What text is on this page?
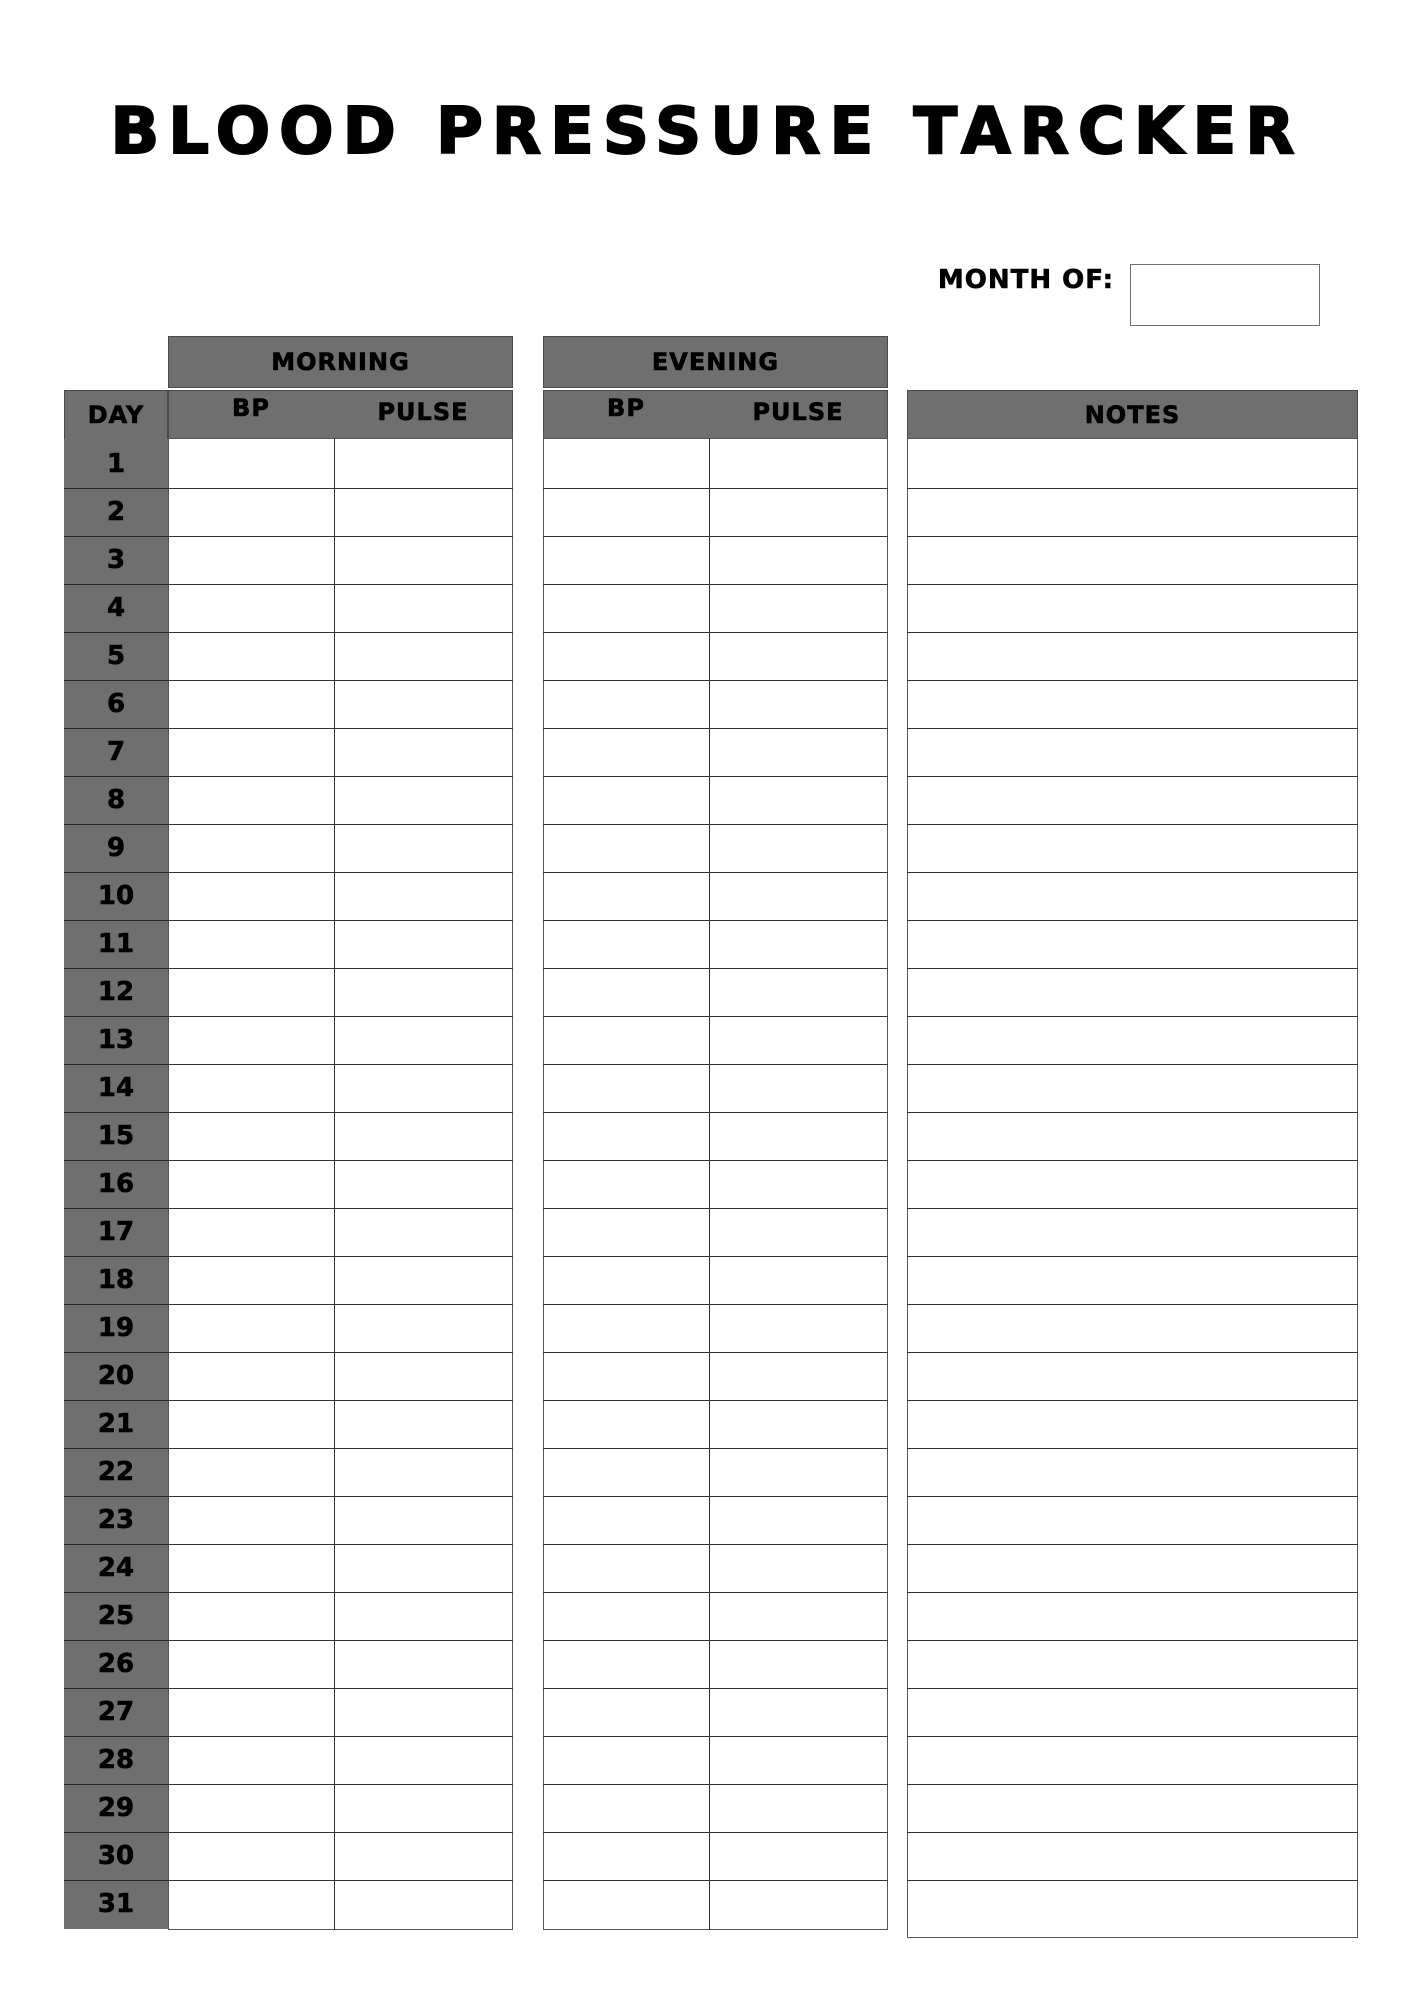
BLOOD PRESSURE TARCKER
MONTH OF:
MORNING	EVENING
DAY	BP	PULSE	BP	PULSE	NOTES
1
2
3
4
5
6
7
8
9
10
11
12
13
14
15
16
17
18
19
20
21
22
23
24
25
26
27
28
29
30
31
